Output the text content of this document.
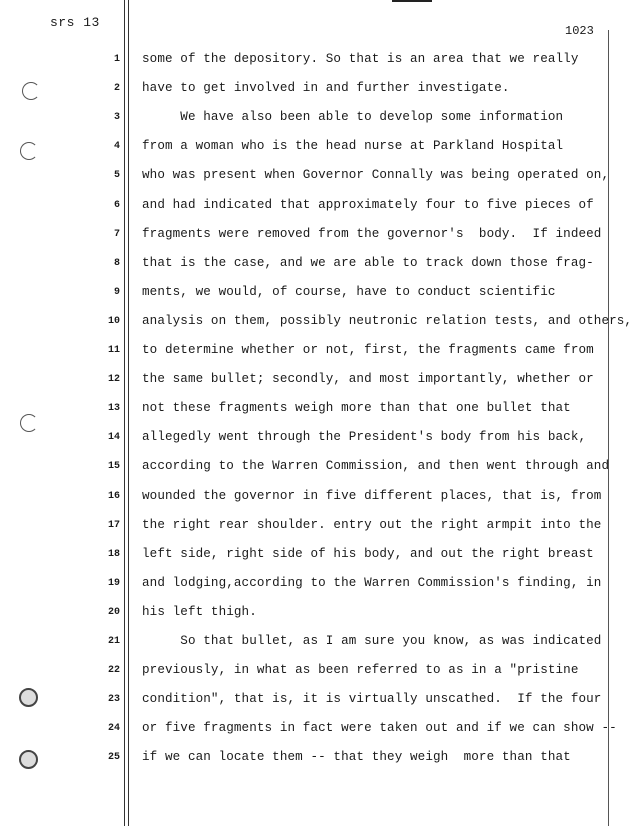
srs 13
1023
1 some of the depository. So that is an area that we really
2 have to get involved in and further investigate.
3 We have also been able to develop some information
4 from a woman who is the head nurse at Parkland Hospital
5 who was present when Governor Connally was being operated on,
6 and had indicated that approximately four to five pieces of
7 fragments were removed from the governor's  body.  If indeed
8 that is the case, and we are able to track down those frag-
9 ments, we would, of course, have to conduct scientific
10 analysis on them, possibly neutronic relation tests, and others,
11 to determine whether or not, first, the fragments came from
12 the same bullet; secondly, and most importantly, whether or
13 not these fragments weigh more than that one bullet that
14 allegedly went through the President's body from his back,
15 according to the Warren Commission, and then went through and
16 wounded the governor in five different places, that is, from
17 the right rear shoulder. entry out the right armpit into the
18 left side, right side of his body, and out the right breast
19 and lodging,according to the Warren Commission's finding, in
20 his left thigh.
21 So that bullet, as I am sure you know, as was indicated
22 previously, in what as been referred to as in a "pristine
23 condition", that is, it is virtually unscathed.  If the four
24 or five fragments in fact were taken out and if we can show --
25 if we can locate them -- that they weigh  more than that
